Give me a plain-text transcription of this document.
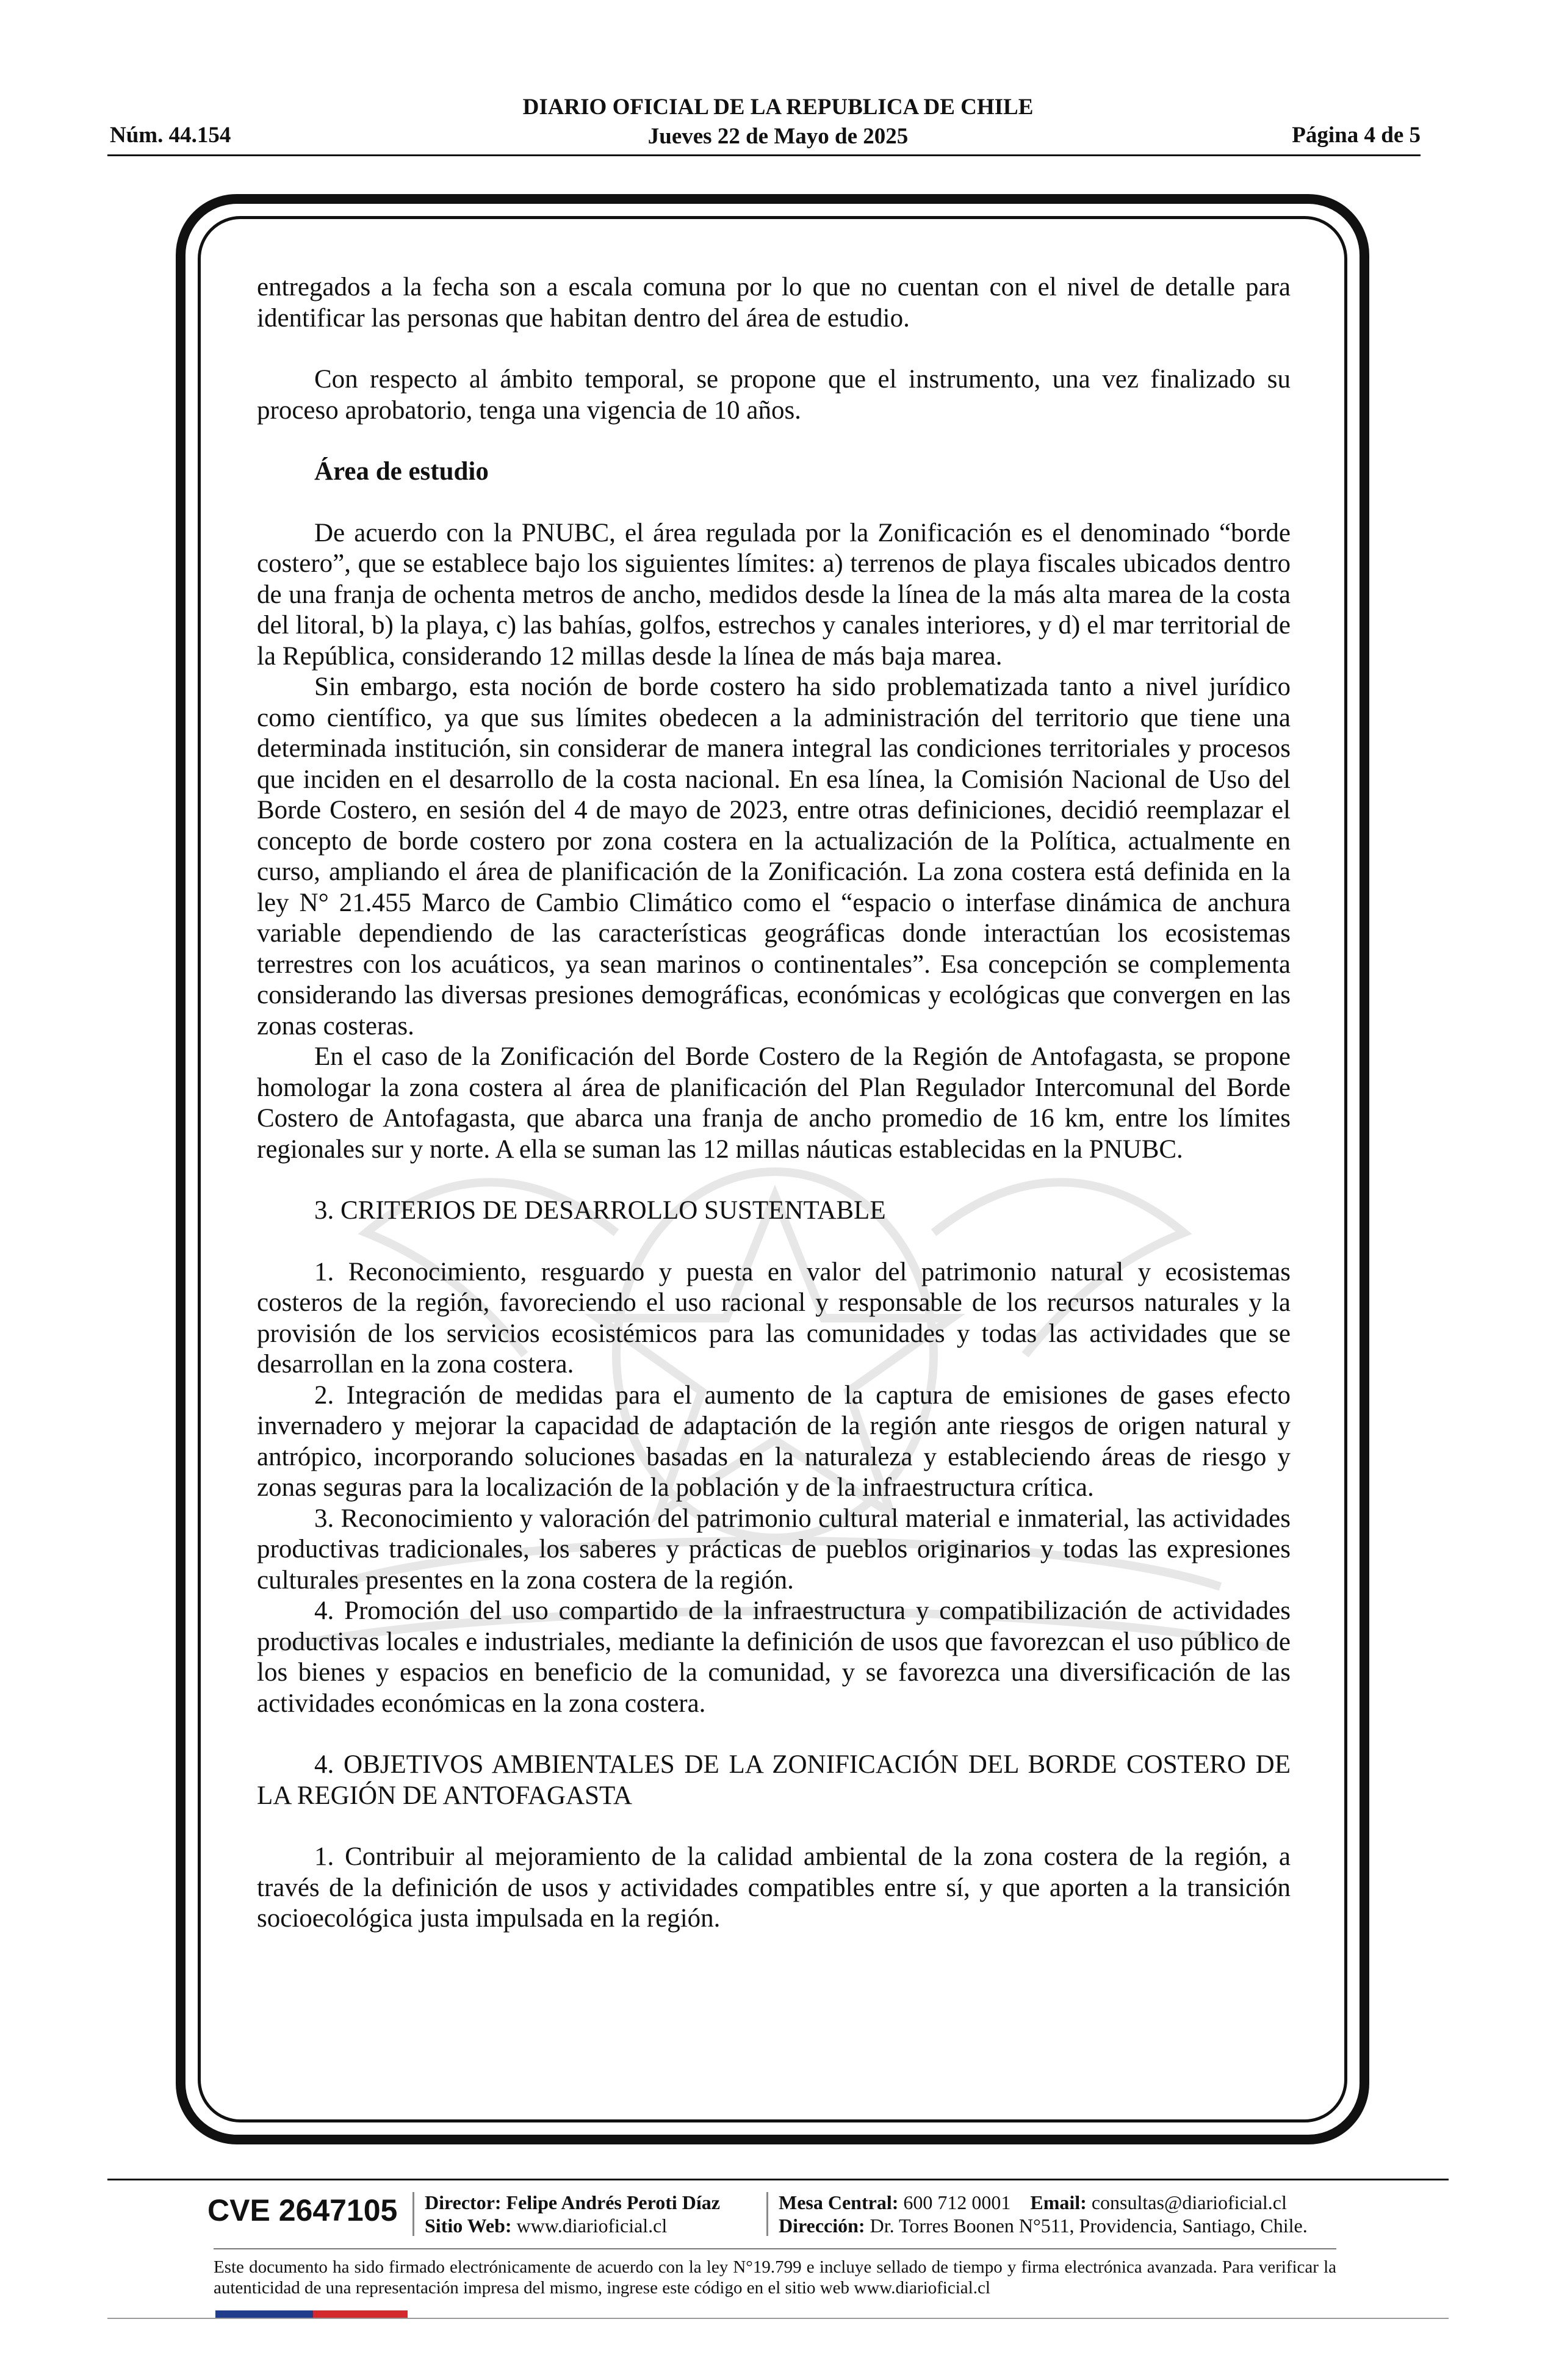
DIARIO OFICIAL DE LA REPUBLICA DE CHILE
Jueves 22 de Mayo de 2025
Núm. 44.154	Página 4 de 5

entregados a la fecha son a escala comuna por lo que no cuentan con el nivel de detalle para identificar las personas que habitan dentro del área de estudio.

Con respecto al ámbito temporal, se propone que el instrumento, una vez finalizado su proceso aprobatorio, tenga una vigencia de 10 años.

Área de estudio

De acuerdo con la PNUBC, el área regulada por la Zonificación es el denominado “borde costero”, que se establece bajo los siguientes límites: a) terrenos de playa fiscales ubicados dentro de una franja de ochenta metros de ancho, medidos desde la línea de la más alta marea de la costa del litoral, b) la playa, c) las bahías, golfos, estrechos y canales interiores, y d) el mar territorial de la República, considerando 12 millas desde la línea de más baja marea.

Sin embargo, esta noción de borde costero ha sido problematizada tanto a nivel jurídico como científico, ya que sus límites obedecen a la administración del territorio que tiene una determinada institución, sin considerar de manera integral las condiciones territoriales y procesos que inciden en el desarrollo de la costa nacional. En esa línea, la Comisión Nacional de Uso del Borde Costero, en sesión del 4 de mayo de 2023, entre otras definiciones, decidió reemplazar el concepto de borde costero por zona costera en la actualización de la Política, actualmente en curso, ampliando el área de planificación de la Zonificación. La zona costera está definida en la ley N° 21.455 Marco de Cambio Climático como el “espacio o interfase dinámica de anchura variable dependiendo de las características geográficas donde interactúan los ecosistemas terrestres con los acuáticos, ya sean marinos o continentales”. Esa concepción se complementa considerando las diversas presiones demográficas, económicas y ecológicas que convergen en las zonas costeras.

En el caso de la Zonificación del Borde Costero de la Región de Antofagasta, se propone homologar la zona costera al área de planificación del Plan Regulador Intercomunal del Borde Costero de Antofagasta, que abarca una franja de ancho promedio de 16 km, entre los límites regionales sur y norte. A ella se suman las 12 millas náuticas establecidas en la PNUBC.

3. CRITERIOS DE DESARROLLO SUSTENTABLE

1. Reconocimiento, resguardo y puesta en valor del patrimonio natural y ecosistemas costeros de la región, favoreciendo el uso racional y responsable de los recursos naturales y la provisión de los servicios ecosistémicos para las comunidades y todas las actividades que se desarrollan en la zona costera.

2. Integración de medidas para el aumento de la captura de emisiones de gases efecto invernadero y mejorar la capacidad de adaptación de la región ante riesgos de origen natural y antrópico, incorporando soluciones basadas en la naturaleza y estableciendo áreas de riesgo y zonas seguras para la localización de la población y de la infraestructura crítica.

3. Reconocimiento y valoración del patrimonio cultural material e inmaterial, las actividades productivas tradicionales, los saberes y prácticas de pueblos originarios y todas las expresiones culturales presentes en la zona costera de la región.

4. Promoción del uso compartido de la infraestructura y compatibilización de actividades productivas locales e industriales, mediante la definición de usos que favorezcan el uso público de los bienes y espacios en beneficio de la comunidad, y se favorezca una diversificación de las actividades económicas en la zona costera.

4. OBJETIVOS AMBIENTALES DE LA ZONIFICACIÓN DEL BORDE COSTERO DE LA REGIÓN DE ANTOFAGASTA

1. Contribuir al mejoramiento de la calidad ambiental de la zona costera de la región, a través de la definición de usos y actividades compatibles entre sí, y que aporten a la transición socioecológica justa impulsada en la región.

CVE 2647105 Director: Felipe Andrés Peroti Díaz
Sitio Web: www.diarioficial.cl
Mesa Central: 600 712 0001 Email: consultas@diarioficial.cl
Dirección: Dr. Torres Boonen N°511, Providencia, Santiago, Chile.
Este documento ha sido firmado electrónicamente de acuerdo con la ley N°19.799 e incluye sellado de tiempo y firma electrónica avanzada. Para verificar la autenticidad de una representación impresa del mismo, ingrese este código en el sitio web www.diarioficial.cl
